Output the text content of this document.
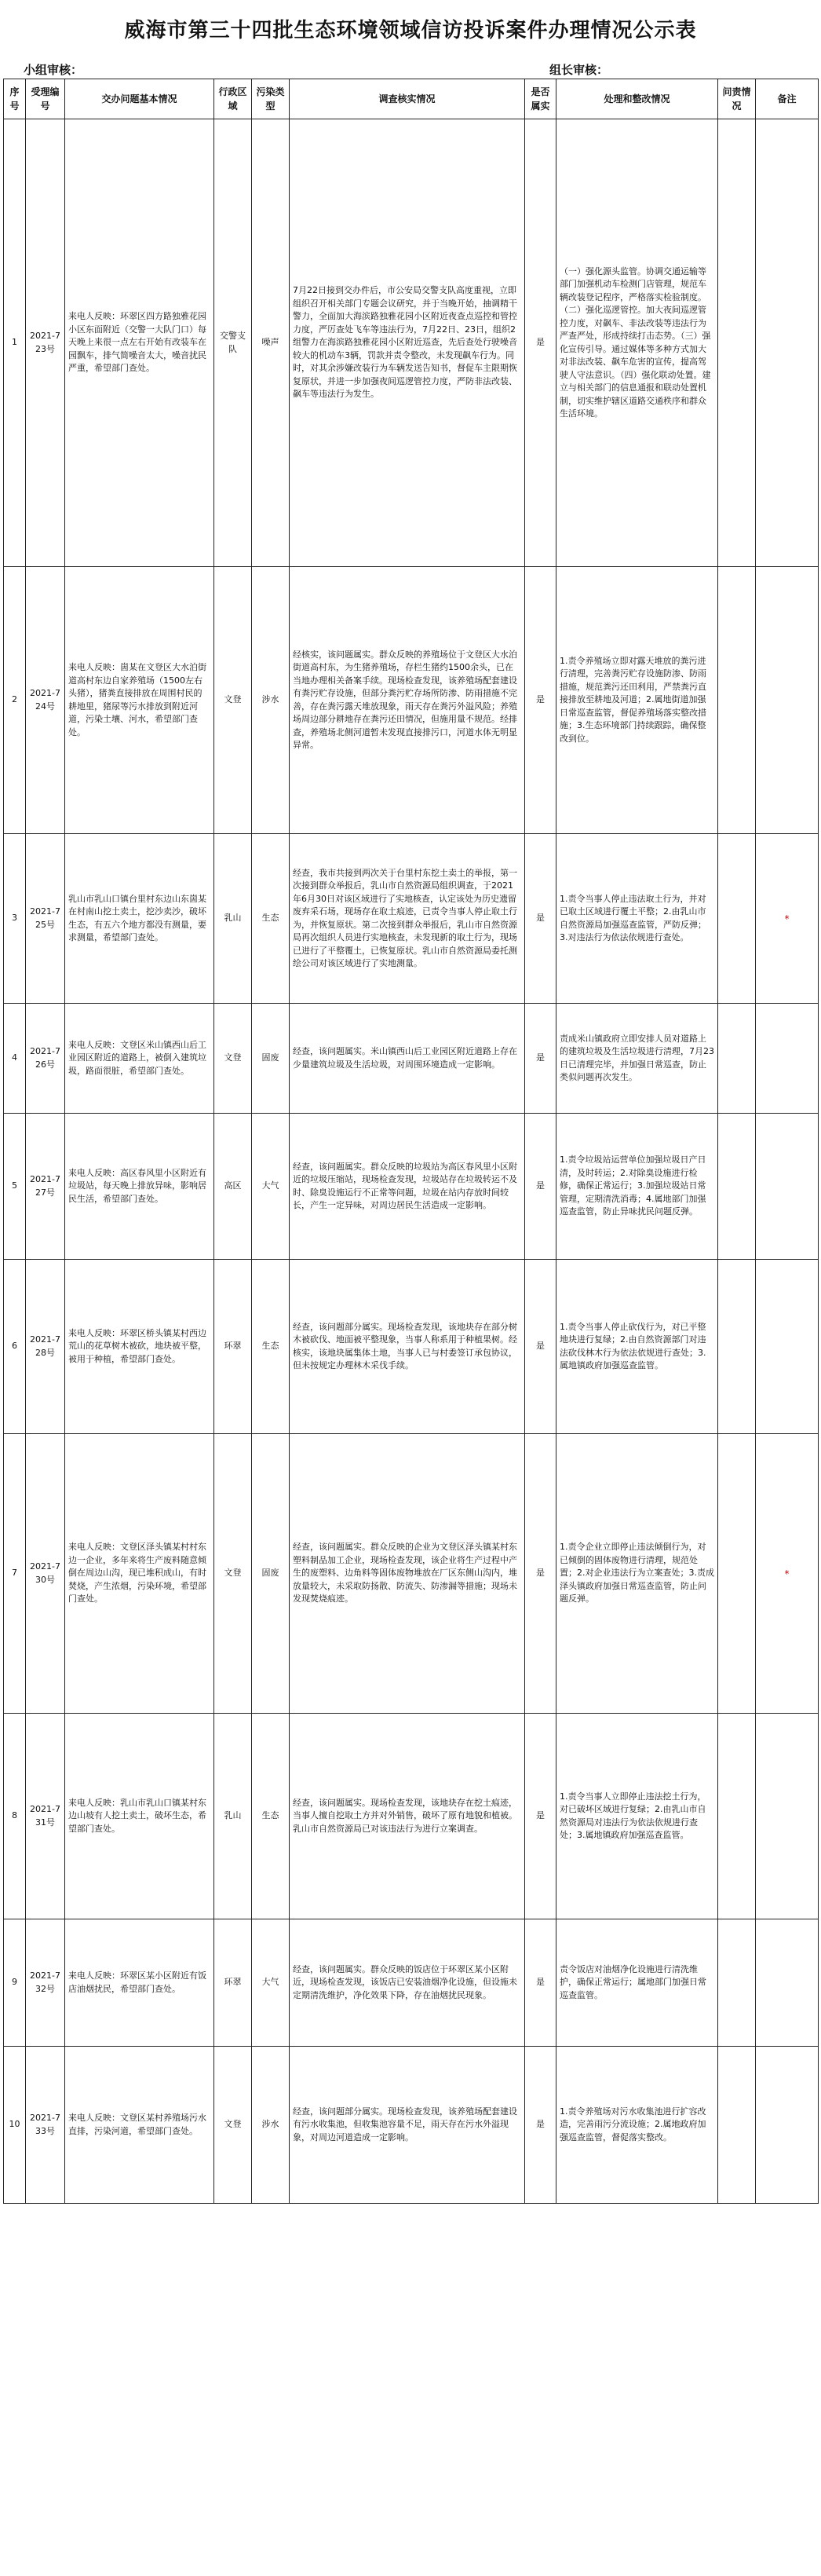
威海市第三十四批生态环境领域信访投诉案件办理情况公示表
小组审核：	组长审核：
序号	受理编号	交办问题基本情况	行政区域	污染类型	调查核实情况	是否属实	处理和整改情况	问责情况	备注
1	2021-723号	来电人反映：环翠区四方路独雅花园小区东面附近（交警一大队门口）每天晚上来很一点左右开始有改装车在园飘车，排气简噪音太大，噪音扰民严重，希望部门查处。	交警支队	噪声	7月22日接到交办件后，市公安局交警支队高度重视，立即组织召开相关部门专题会议研究，并于当晚开始，抽调精干警力，全面加大海滨路独雅花园小区附近夜查点巡控和管控力度，严厉查处飞车等违法行为，7月22日、23日，组织2组警力在海滨路独雅花园小区附近巡查，先后查处行驶噪音较大的机动车3辆，罚款并责令整改，未发现飙车行为。同时，对其余涉嫌改装行为车辆发送告知书，督促车主限期恢复原状，并进一步加强夜间巡逻管控力度，严防非法改装、飙车等违法行为发生。	是	（一）强化源头监管。协调交通运输等部门加强机动车检测门店管理，规范车辆改装登记程序，严格落实检验制度。（二）强化巡逻管控。加大夜间巡逻管控力度，对飙车、非法改装等违法行为严查严处，形成持续打击态势。（三）强化宣传引导。通过媒体等多种方式加大对非法改装、飙车危害的宣传，提高驾驶人守法意识。（四）强化联动处置。建立与相关部门的信息通报和联动处置机制，切实维护辖区道路交通秩序和群众生活环境。		
2	2021-724号	来电人反映：崮某在文登区大水泊街道高村东边自家养殖场（1500左右头猪），猪粪直接排放在周围村民的耕地里，猪尿等污水排放到附近河道，污染土壤、河水，希望部门查处。	文登	涉水	经核实，该问题属实。群众反映的养殖场位于文登区大水泊街道高村东，为生猪养殖场，存栏生猪约1500余头，已在当地办理相关备案手续。现场检查发现，该养殖场配套建设有粪污贮存设施，但部分粪污贮存场所防渗、防雨措施不完善，存在粪污露天堆放现象，雨天存在粪污外溢风险；养殖场周边部分耕地存在粪污还田情况，但施用量不规范。经排查，养殖场北侧河道暂未发现直接排污口，河道水体无明显异常。	是	1.责令养殖场立即对露天堆放的粪污进行清理，完善粪污贮存设施防渗、防雨措施，规范粪污还田利用，严禁粪污直接排放至耕地及河道；2.属地街道加强日常巡查监管，督促养殖场落实整改措施；3.生态环境部门持续跟踪，确保整改到位。		
3	2021-725号	乳山市乳山口镇台里村东边山东崮某在村南山挖土卖土，挖沙卖沙，破坏生态，有五六个地方都没有测量，要求测量，希望部门查处。	乳山	生态	经查，我市共接到两次关于台里村东挖土卖土的举报，第一次接到群众举报后，乳山市自然资源局组织调查，于2021年6月30日对该区域进行了实地核查，认定该处为历史遗留废弃采石场，现场存在取土痕迹，已责令当事人停止取土行为，并恢复原状。第二次接到群众举报后，乳山市自然资源局再次组织人员进行实地核查，未发现新的取土行为，现场已进行了平整覆土，已恢复原状。乳山市自然资源局委托测绘公司对该区域进行了实地测量。	是	1.责令当事人停止违法取土行为，并对已取土区域进行覆土平整；2.由乳山市自然资源局加强巡查监管，严防反弹；3.对违法行为依法依规进行查处。		*
4	2021-726号	来电人反映：文登区米山镇西山后工业园区附近的道路上，被倒入建筑垃圾，路面很脏，希望部门查处。	文登	固废	经查，该问题属实。米山镇西山后工业园区附近道路上存在少量建筑垃圾及生活垃圾，对周围环境造成一定影响。	是	责成米山镇政府立即安排人员对道路上的建筑垃圾及生活垃圾进行清理，7月23日已清理完毕，并加强日常巡查，防止类似问题再次发生。		
5	2021-727号	来电人反映：高区春风里小区附近有垃圾站，每天晚上排放异味，影响居民生活，希望部门查处。	高区	大气	经查，该问题属实。群众反映的垃圾站为高区春风里小区附近的垃圾压缩站，现场检查发现，垃圾站存在垃圾转运不及时、除臭设施运行不正常等问题，垃圾在站内存放时间较长，产生一定异味，对周边居民生活造成一定影响。	是	1.责令垃圾站运营单位加强垃圾日产日清，及时转运；2.对除臭设施进行检修，确保正常运行；3.加强垃圾站日常管理，定期清洗消毒；4.属地部门加强巡查监管，防止异味扰民问题反弹。		
6	2021-728号	来电人反映：环翠区桥头镇某村西边荒山的花草树木被砍，地块被平整，被用于种植，希望部门查处。	环翠	生态	经查，该问题部分属实。现场检查发现，该地块存在部分树木被砍伐、地面被平整现象，当事人称系用于种植果树。经核实，该地块属集体土地，当事人已与村委签订承包协议，但未按规定办理林木采伐手续。	是	1.责令当事人停止砍伐行为，对已平整地块进行复绿；2.由自然资源部门对违法砍伐林木行为依法依规进行查处；3.属地镇政府加强巡查监管。		
7	2021-730号	来电人反映：文登区泽头镇某村村东边一企业，多年来将生产废料随意倾倒在周边山沟，现已堆积成山，有时焚烧，产生浓烟，污染环境，希望部门查处。	文登	固废	经查，该问题属实。群众反映的企业为文登区泽头镇某村东塑料制品加工企业，现场检查发现，该企业将生产过程中产生的废塑料、边角料等固体废物堆放在厂区东侧山沟内，堆放量较大，未采取防扬散、防流失、防渗漏等措施；现场未发现焚烧痕迹。	是	1.责令企业立即停止违法倾倒行为，对已倾倒的固体废物进行清理，规范处置；2.对企业违法行为立案查处；3.责成泽头镇政府加强日常巡查监管，防止问题反弹。		*
8	2021-731号	来电人反映：乳山市乳山口镇某村东边山坡有人挖土卖土，破坏生态，希望部门查处。	乳山	生态	经查，该问题属实。现场检查发现，该地块存在挖土痕迹，当事人擅自挖取土方并对外销售，破坏了原有地貌和植被。乳山市自然资源局已对该违法行为进行立案调查。	是	1.责令当事人立即停止违法挖土行为，对已破坏区域进行复绿；2.由乳山市自然资源局对违法行为依法依规进行查处；3.属地镇政府加强巡查监管。		
9	2021-732号	来电人反映：环翠区某小区附近有饭店油烟扰民，希望部门查处。	环翠	大气	经查，该问题属实。群众反映的饭店位于环翠区某小区附近，现场检查发现，该饭店已安装油烟净化设施，但设施未定期清洗维护，净化效果下降，存在油烟扰民现象。	是	责令饭店对油烟净化设施进行清洗维护，确保正常运行；属地部门加强日常巡查监管。		
10	2021-733号	来电人反映：文登区某村养殖场污水直排，污染河道，希望部门查处。	文登	涉水	经查，该问题部分属实。现场检查发现，该养殖场配套建设有污水收集池，但收集池容量不足，雨天存在污水外溢现象，对周边河道造成一定影响。	是	1.责令养殖场对污水收集池进行扩容改造，完善雨污分流设施；2.属地政府加强巡查监管，督促落实整改。		
